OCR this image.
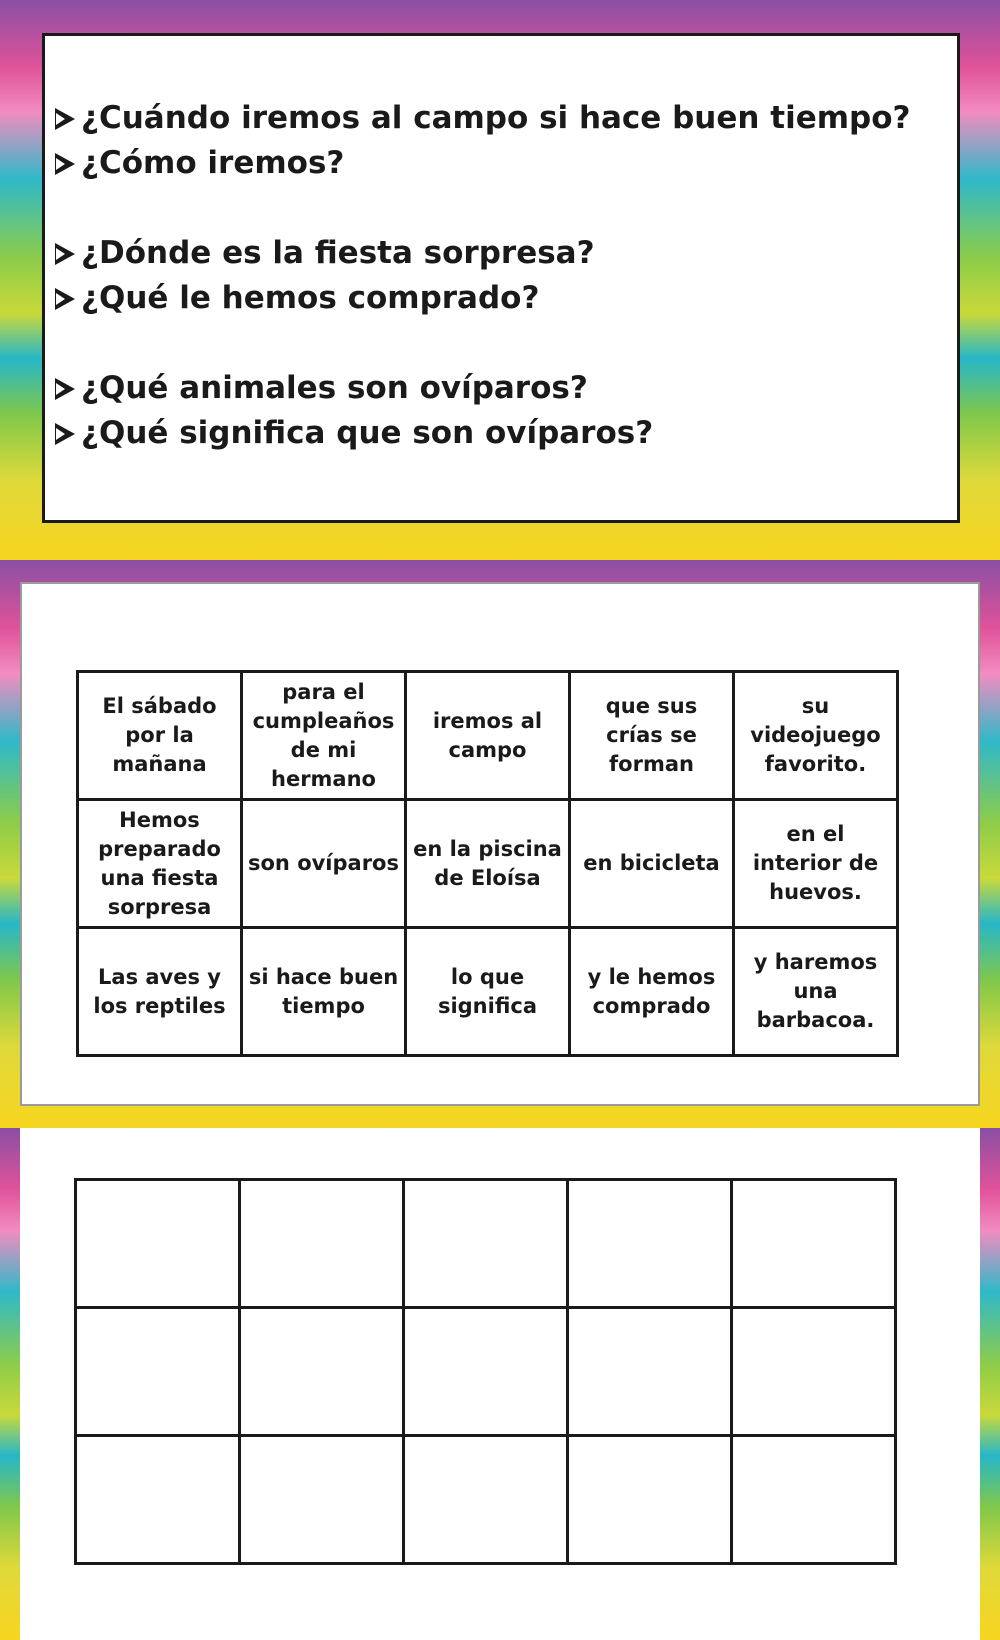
¿Cuándo iremos al campo si hace buen tiempo?
¿Cómo iremos?
¿Dónde es la fiesta sorpresa?
¿Qué le hemos comprado?
¿Qué animales son ovíparos?
¿Qué significa que son ovíparos?
El sábado por la mañana	para el cumpleaños de mi hermano	iremos al campo	que sus crías se forman	su videojuego favorito.
Hemos preparado una fiesta sorpresa	son ovíparos	en la piscina de Eloísa	en bicicleta	en el interior de huevos.
Las aves y los reptiles	si hace buen tiempo	lo que significa	y le hemos comprado	y haremos una barbacoa.
